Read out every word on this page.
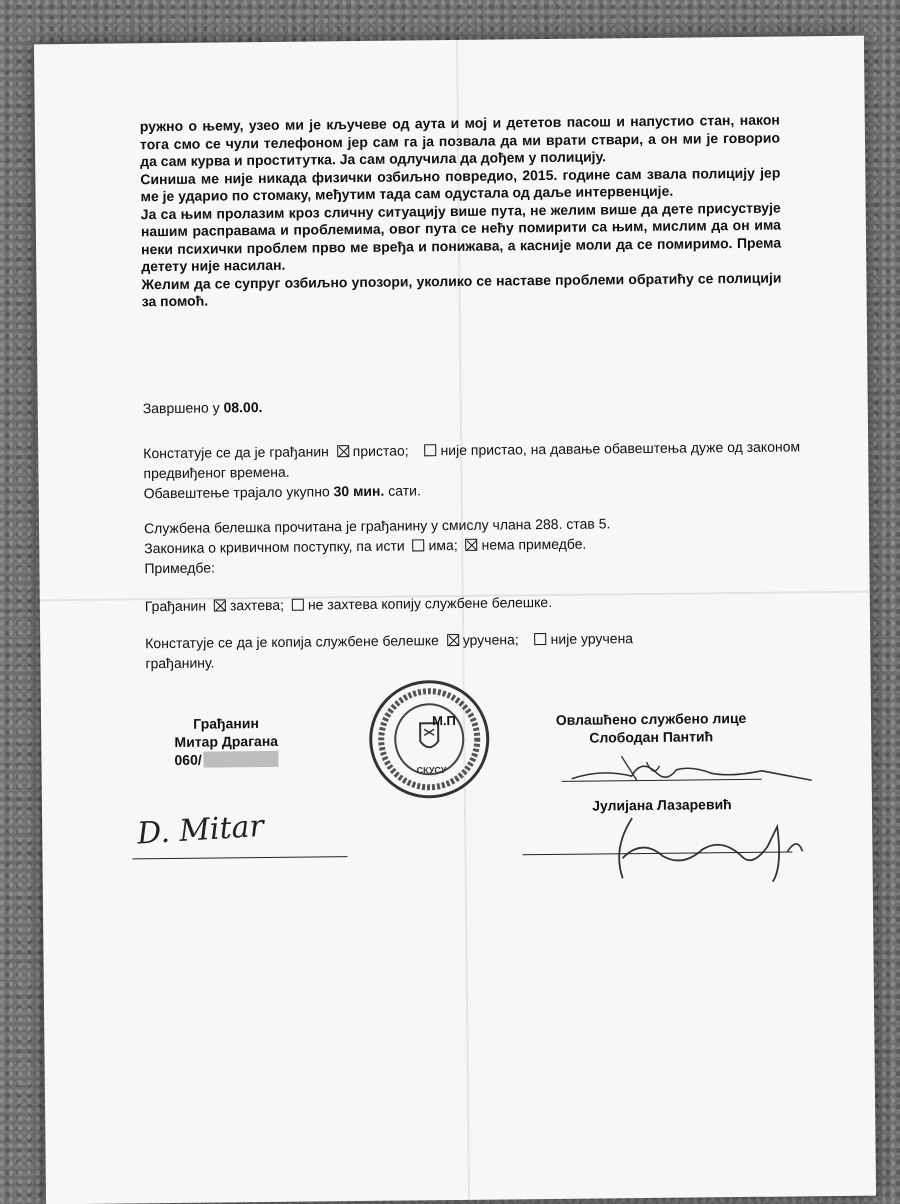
ружно о њему, узео ми је кључеве од аута и мој и дететов пасош и напустио стан, након тога смо се чули телефоном јер сам га ја позвала да ми врати ствари, а он ми је говорио да сам курва и проститутка. Ја сам одлучила да дођем у полицију.

Синиша ме није никада физички озбиљно повредио, 2015. године сам звала полицију јер ме је ударио по стомаку, међутим тада сам одустала од даље интервенције.

Ја са њим пролазим кроз сличну ситуацију више пута, не желим више да дете присуствује нашим расправама и проблемима, овог пута се нећу помирити са њим, мислим да он има неки психички проблем прво ме вређа и понижава, а касније моли да се помиримо. Према детету није насилан.

Желим да се супруг озбиљно упозори, уколико се наставе проблеми обратићу се полицији за помоћ.

Завршено у 08.00.
Констатује се да је грађанин пристао; није пристао, на давање обавештења дуже од законом предвиђеног времена.
Обавештење трајало укупно 30 мин. сати.
Службена белешка прочитана је грађанину у смислу члана 288. став 5.
Законика о кривичном поступку, па исти има; нема примедбе.
Примедбе:
Грађанин захтева; не захтева копију службене белешке.
Констатује се да је копија службене белешке уручена; није уручена
грађанину.
М.П
СКУСУ
Грађанин
Митар Драгана
060/
D. Mitar
Овлашћено службено лице
Слободан Пантић
Јулијана Лазаревић
